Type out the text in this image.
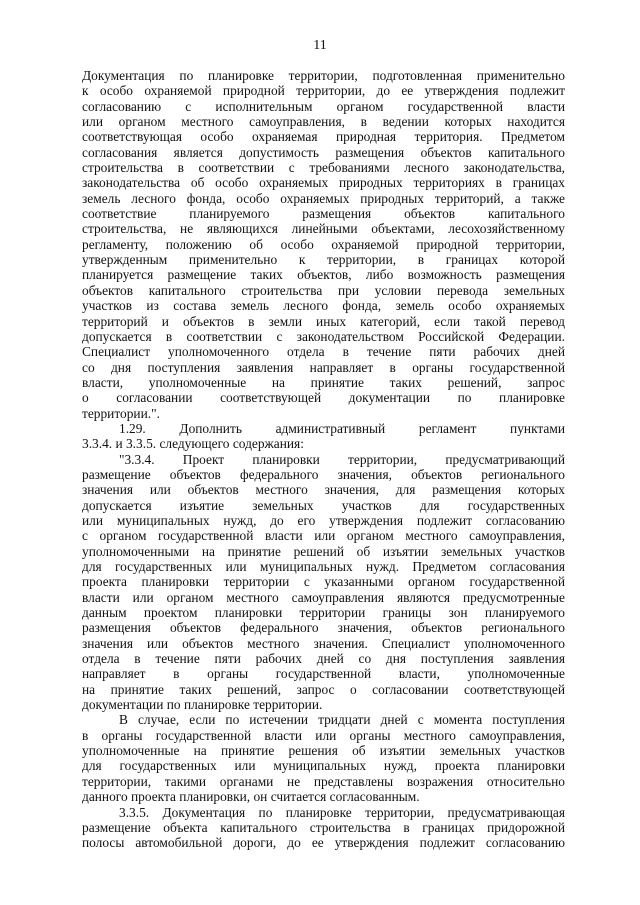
11
Документация по планировке территории, подготовленная применительно
к особо охраняемой природной территории, до ее утверждения подлежит
согласованию с исполнительным органом государственной власти
или органом местного самоуправления, в ведении которых находится
соответствующая особо охраняемая природная территория. Предметом
согласования является допустимость размещения объектов капитального
строительства в соответствии с требованиями лесного законодательства,
законодательства об особо охраняемых природных территориях в границах
земель лесного фонда, особо охраняемых природных территорий, а также
соответствие планируемого размещения объектов капитального
строительства, не являющихся линейными объектами, лесохозяйственному
регламенту, положению об особо охраняемой природной территории,
утвержденным применительно к территории, в границах которой
планируется размещение таких объектов, либо возможность размещения
объектов капитального строительства при условии перевода земельных
участков из состава земель лесного фонда, земель особо охраняемых
территорий и объектов в земли иных категорий, если такой перевод
допускается в соответствии с законодательством Российской Федерации.
Специалист уполномоченного отдела в течение пяти рабочих дней
со дня поступления заявления направляет в органы государственной
власти, уполномоченные на принятие таких решений, запрос
о согласовании соответствующей документации по планировке
территории.".
1.29. Дополнить административный регламент пунктами
3.3.4. и 3.3.5. следующего содержания:
"3.3.4. Проект планировки территории, предусматривающий
размещение объектов федерального значения, объектов регионального
значения или объектов местного значения, для размещения которых
допускается изъятие земельных участков для государственных
или муниципальных нужд, до его утверждения подлежит согласованию
с органом государственной власти или органом местного самоуправления,
уполномоченными на принятие решений об изъятии земельных участков
для государственных или муниципальных нужд. Предметом согласования
проекта планировки территории с указанными органом государственной
власти или органом местного самоуправления являются предусмотренные
данным проектом планировки территории границы зон планируемого
размещения объектов федерального значения, объектов регионального
значения или объектов местного значения. Специалист уполномоченного
отдела в течение пяти рабочих дней со дня поступления заявления
направляет в органы государственной власти, уполномоченные
на принятие таких решений, запрос о согласовании соответствующей
документации по планировке территории.
В случае, если по истечении тридцати дней с момента поступления
в органы государственной власти или органы местного самоуправления,
уполномоченные на принятие решения об изъятии земельных участков
для государственных или муниципальных нужд, проекта планировки
территории, такими органами не представлены возражения относительно
данного проекта планировки, он считается согласованным.
3.3.5. Документация по планировке территории, предусматривающая
размещение объекта капитального строительства в границах придорожной
полосы автомобильной дороги, до ее утверждения подлежит согласованию
